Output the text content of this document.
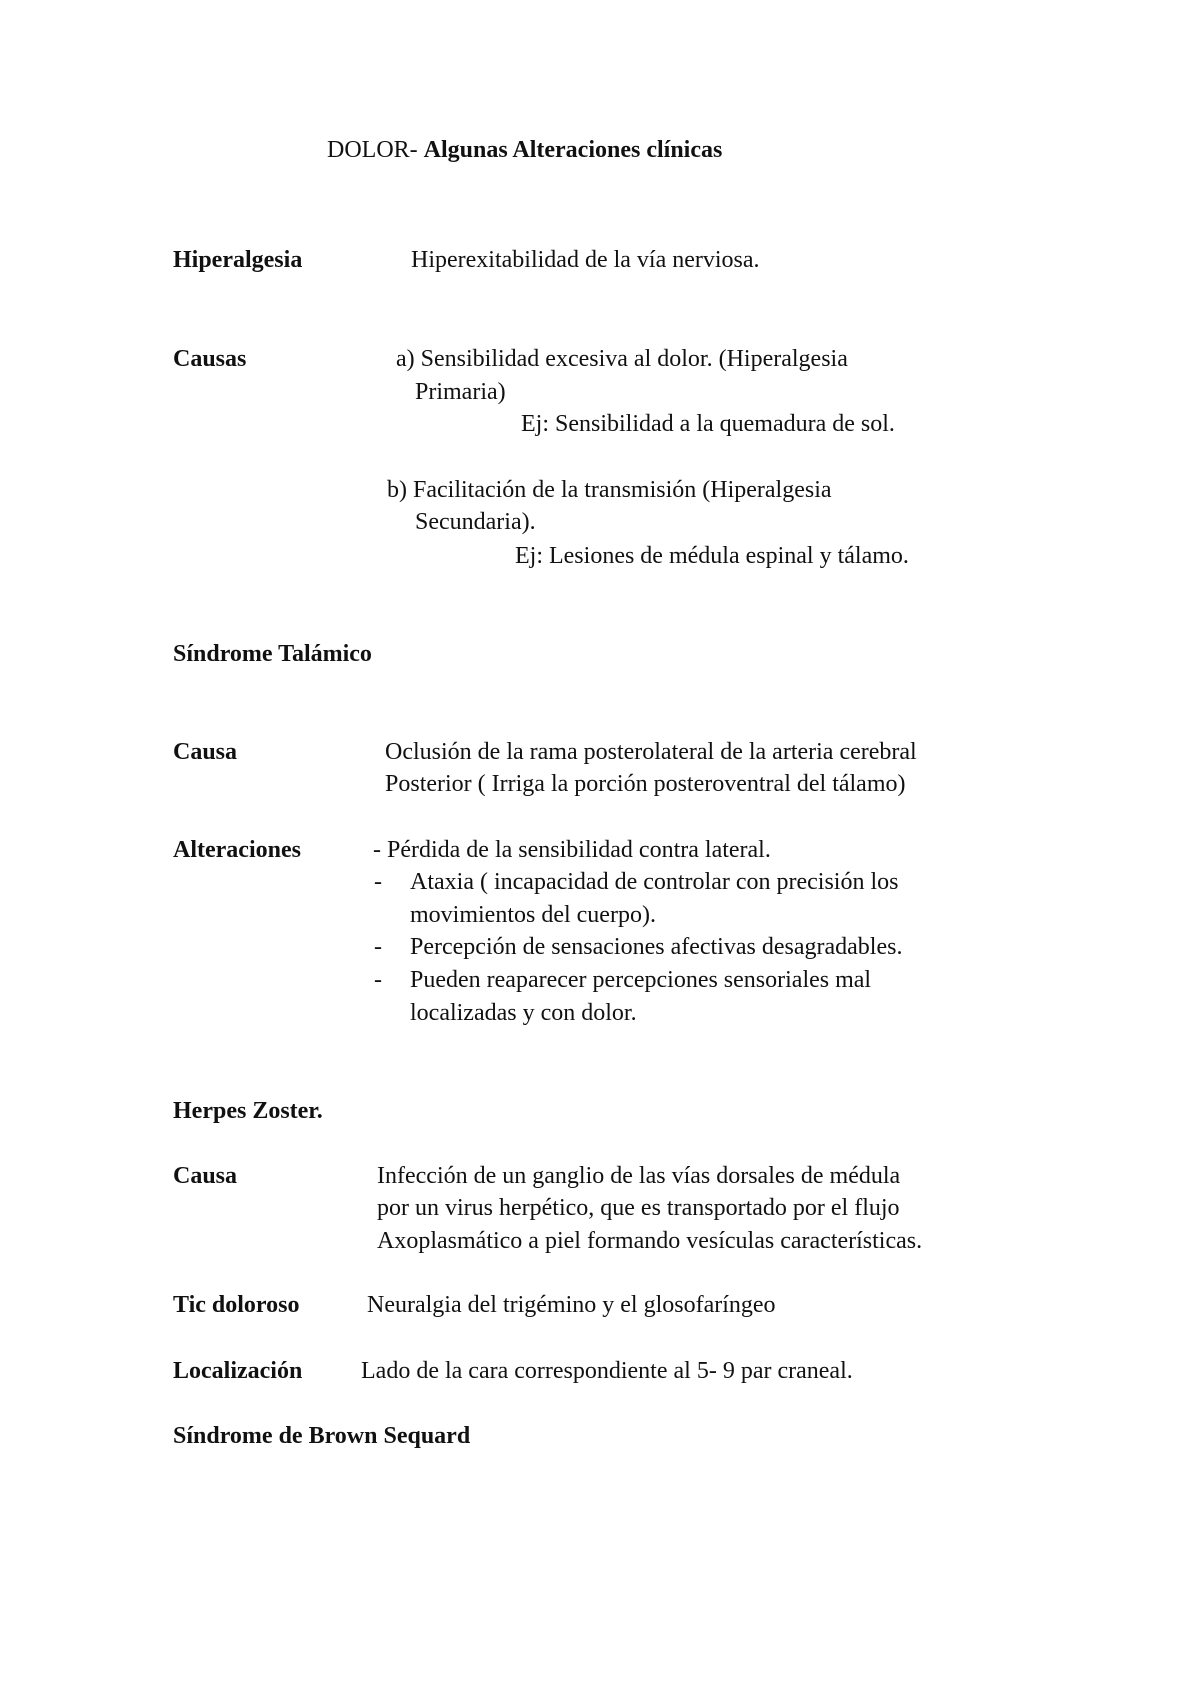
DOLOR- Algunas Alteraciones clínicas
Hiperalgesia	Hiperexitabilidad de la vía nerviosa.
Causas	a) Sensibilidad excesiva al dolor. (Hiperalgesia
Primaria)
Ej: Sensibilidad a la quemadura de sol.
b) Facilitación de la transmisión (Hiperalgesia
Secundaria).
Ej: Lesiones de médula espinal y tálamo.
Síndrome Talámico
Causa	Oclusión de la rama posterolateral de la arteria cerebral
Posterior ( Irriga la porción posteroventral del tálamo)
Alteraciones	- Pérdida de la sensibilidad contra lateral.
- Ataxia ( incapacidad de controlar con precisión los
movimientos del cuerpo).
- Percepción de sensaciones afectivas desagradables.
- Pueden reaparecer percepciones sensoriales mal
localizadas y con dolor.
Herpes Zoster.
Causa	Infección de un ganglio de las vías dorsales de médula
por un virus herpético, que es transportado por el flujo
Axoplasmático a piel formando vesículas características.
Tic doloroso	Neuralgia del trigémino y el glosofaríngeo
Localización Lado de la cara correspondiente al 5- 9 par craneal.
Síndrome de Brown Sequard
